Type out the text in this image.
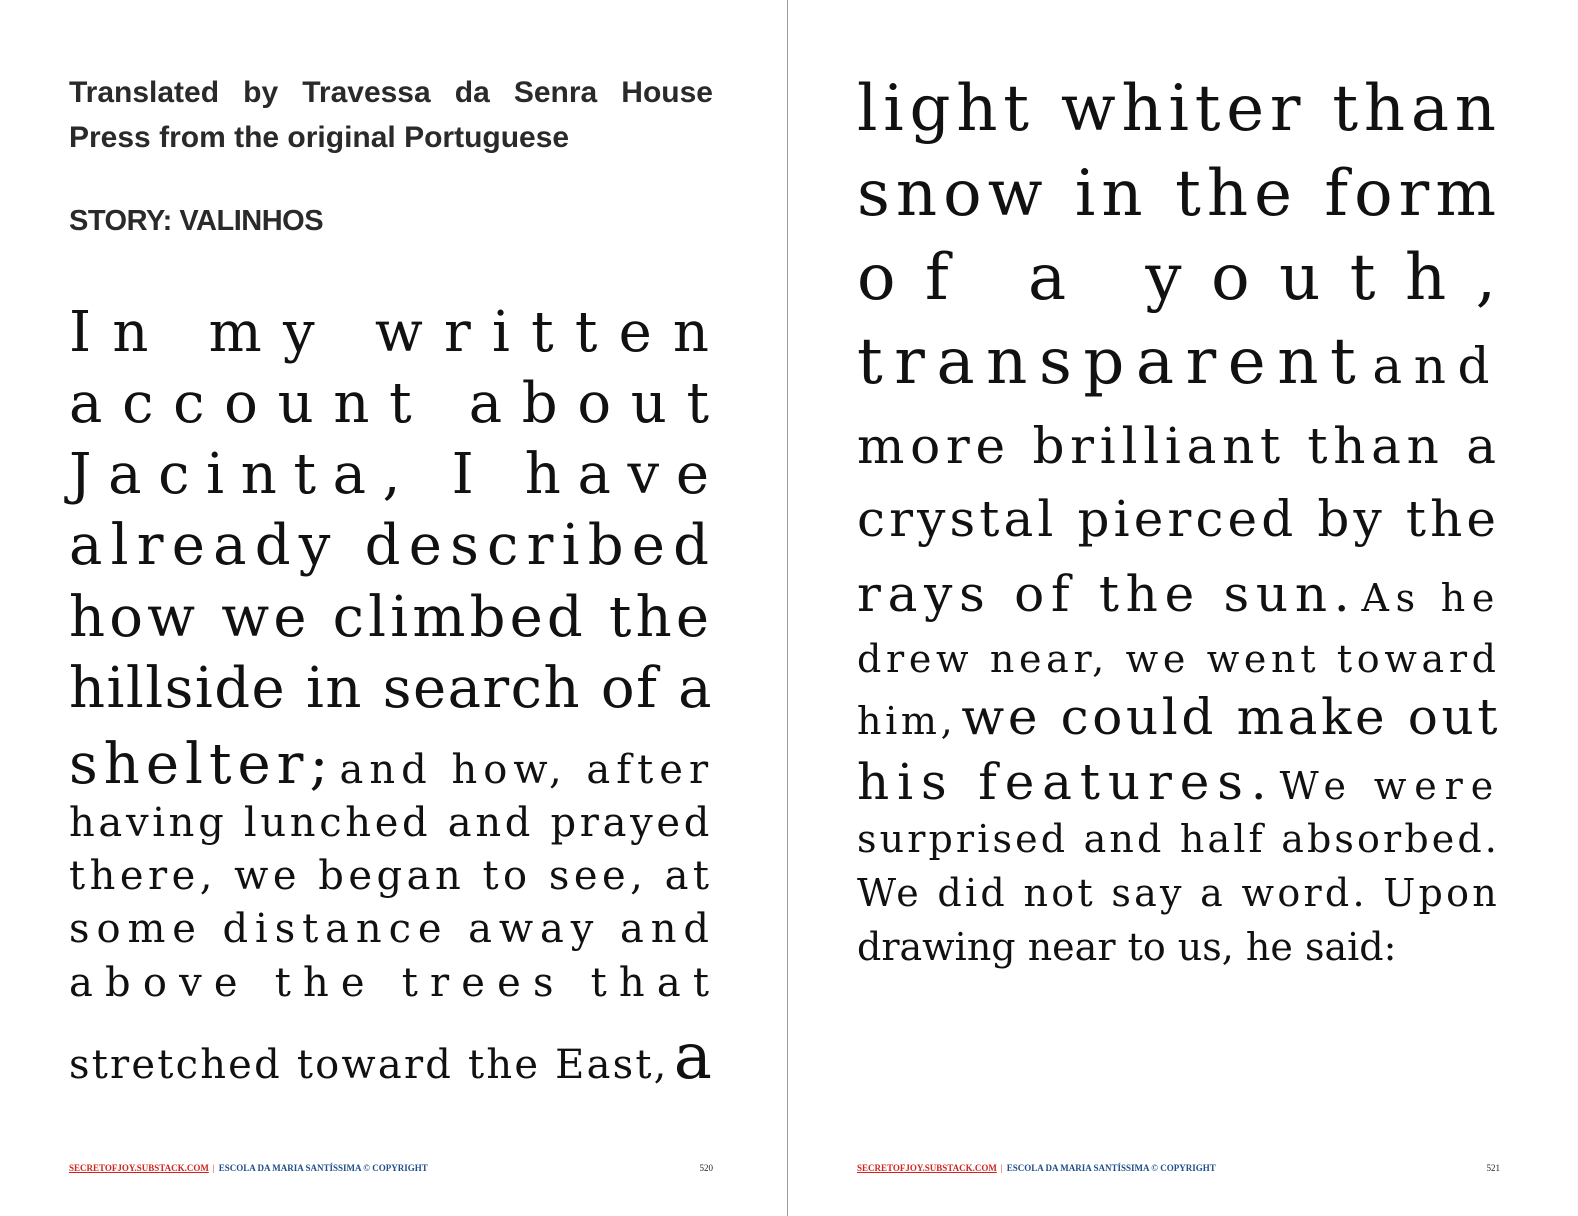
Translated by Travessa da Senra House Press from the original Portuguese

STORY: VALINHOS

In my written
account about
Jacinta, I have
already described
how we climbed the
hillside in search of a
shelter; and how, after
having lunched and prayed
there, we began to see, at
some distance away and
above the trees that
stretched toward the East, a
SECRETOFJOY.SUBSTACK.COM | ESCOLA DA MARIA SANTÍSSIMA © COPYRIGHT	520
light whiter than
snow in the form
of a youth,
transparent and
more brilliant than a
crystal pierced by the
rays of the sun. As he
drew near, we went toward
him, we could make out
his features. We were
surprised and half absorbed.
We did not say a word. Upon
drawing near to us, he said:
SECRETOFJOY.SUBSTACK.COM | ESCOLA DA MARIA SANTÍSSIMA © COPYRIGHT	521
